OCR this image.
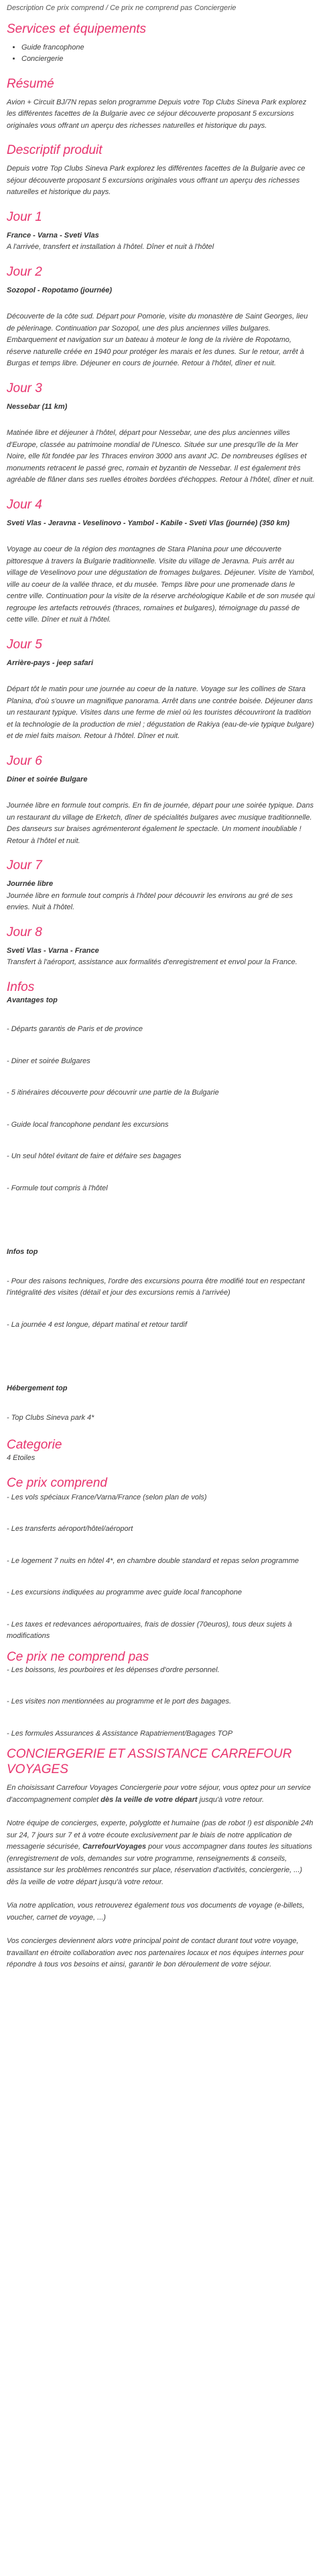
Description Ce prix comprend / Ce prix ne comprend pas Conciergerie
Services et équipements
• Guide francophone
• Conciergerie
Résumé

Avion + Circuit BJ/7N repas selon programme Depuis votre Top Clubs Sineva Park explorez les différentes facettes de la Bulgarie avec ce séjour découverte proposant 5 excursions originales vous offrant un aperçu des richesses naturelles et historique du pays.

Descriptif produit

Depuis votre Top Clubs Sineva Park explorez les différentes facettes de la Bulgarie avec ce séjour découverte proposant 5 excursions originales vous offrant un aperçu des richesses naturelles et historique du pays.

Jour 1

France - Varna - Sveti Vlas

A l'arrivée, transfert et installation à l'hôtel. Dîner et nuit à l'hôtel

Jour 2

Sozopol - Ropotamo (journée)

Découverte de la côte sud. Départ pour Pomorie, visite du monastère de Saint Georges, lieu de pèlerinage. Continuation par Sozopol, une des plus anciennes villes bulgares. Embarquement et navigation sur un bateau à moteur le long de la rivière de Ropotamo, réserve naturelle créée en 1940 pour protéger les marais et les dunes. Sur le retour, arrêt à Burgas et temps libre. Déjeuner en cours de journée. Retour à l'hôtel, dîner et nuit.

Jour 3

Nessebar (11 km)

Matinée libre et déjeuner à l'hôtel, départ pour Nessebar, une des plus anciennes villes d'Europe, classée au patrimoine mondial de l'Unesco. Située sur une presqu'île de la Mer Noire, elle fût fondée par les Thraces environ 3000 ans avant JC. De nombreuses églises et monuments retracent le passé grec, romain et byzantin de Nessebar. Il est également très agréable de flâner dans ses ruelles étroites bordées d'échoppes. Retour à l'hôtel, dîner et nuit.

Jour 4

Sveti Vlas - Jeravna - Veselinovo - Yambol - Kabile - Sveti Vlas (journée) (350 km)

Voyage au coeur de la région des montagnes de Stara Planina pour une découverte pittoresque à travers la Bulgarie traditionnelle. Visite du village de Jeravna. Puis arrêt au village de Veselinovo pour une dégustation de fromages bulgares. Déjeuner. Visite de Yambol, ville au coeur de la vallée thrace, et du musée. Temps libre pour une promenade dans le centre ville. Continuation pour la visite de la réserve archéologique Kabile et de son musée qui regroupe les artefacts retrouvés (thraces, romaines et bulgares), témoignage du passé de cette ville. Dîner et nuit à l'hôtel.

Jour 5

Arrière-pays - jeep safari

Départ tôt le matin pour une journée au coeur de la nature. Voyage sur les collines de Stara Planina, d'où s'ouvre un magnifique panorama. Arrêt dans une contrée boisée. Déjeuner dans un restaurant typique. Visites dans une ferme de miel où les touristes découvriront la tradition et la technologie de la production de miel ; dégustation de Rakiya (eau-de-vie typique bulgare) et de miel faits maison. Retour à l'hôtel. Dîner et nuit.

Jour 6

Diner et soirée Bulgare

Journée libre en formule tout compris. En fin de journée, départ pour une soirée typique. Dans un restaurant du village de Erketch, dîner de spécialités bulgares avec musique traditionnelle. Des danseurs sur braises agrémenteront également le spectacle. Un moment inoubliable ! Retour à l'hôtel et nuit.

Jour 7

Journée libre

Journée libre en formule tout compris à l'hôtel pour découvrir les environs au gré de ses envies. Nuit à l'hôtel.

Jour 8

Sveti Vlas - Varna - France

Transfert à l'aéroport, assistance aux formalités d'enregistrement et envol pour la France.

Infos

Avantages top

- Départs garantis de Paris et de province

- Diner et soirée Bulgares

- 5 itinéraires découverte pour découvrir une partie de la Bulgarie

- Guide local francophone pendant les excursions

- Un seul hôtel évitant de faire et défaire ses bagages

- Formule tout compris à l'hôtel

Infos top

- Pour des raisons techniques, l'ordre des excursions pourra être modifié tout en respectant l'intégralité des visites (détail et jour des excursions remis à l'arrivée)

- La journée 4 est longue, départ matinal et retour tardif

Hébergement top

- Top Clubs Sineva park 4*

Categorie

4 Etoiles

Ce prix comprend

- Les vols spéciaux France/Varna/France (selon plan de vols)

- Les transferts aéroport/hôtel/aéroport

- Le logement 7 nuits en hôtel 4*, en chambre double standard et repas selon programme

- Les excursions indiquées au programme avec guide local francophone

- Les taxes et redevances aéroportuaires, frais de dossier (70euros), tous deux sujets à modifications

Ce prix ne comprend pas

- Les boissons, les pourboires et les dépenses d'ordre personnel.

- Les visites non mentionnées au programme et le port des bagages.

- Les formules Assurances & Assistance Rapatriement/Bagages TOP

CONCIERGERIE ET ASSISTANCE CARREFOUR VOYAGES

En choisissant Carrefour Voyages Conciergerie pour votre séjour, vous optez pour un service d'accompagnement complet dès la veille de votre départ jusqu'à votre retour.

Notre équipe de concierges, experte, polyglotte et humaine (pas de robot !) est disponible 24h sur 24, 7 jours sur 7 et à votre écoute exclusivement par le biais de notre application de messagerie sécurisée, CarrefourVoyages pour vous accompagner dans toutes les situations (enregistrement de vols, demandes sur votre programme, renseignements & conseils, assistance sur les problèmes rencontrés sur place, réservation d'activités, conciergerie, ...) dès la veille de votre départ jusqu'à votre retour.

Via notre application, vous retrouverez également tous vos documents de voyage (e-billets, voucher, carnet de voyage, ...)

Vos concierges deviennent alors votre principal point de contact durant tout votre voyage, travaillant en étroite collaboration avec nos partenaires locaux et nos équipes internes pour répondre à tous vos besoins et ainsi, garantir le bon déroulement de votre séjour.
